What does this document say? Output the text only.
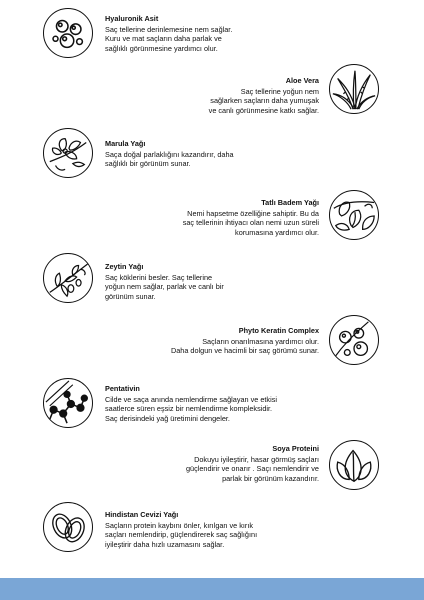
Hyaluronik Asit
Saç tellerine derinlemesine nem sağlar.
Kuru ve mat saçların daha parlak ve
sağlıklı görünmesine yardımcı olur.
Aloe Vera
Saç tellerine yoğun nem
sağlarken saçların daha yumuşak
ve canlı görünmesine katkı sağlar.
Marula Yağı
Saça doğal parlaklığını kazandırır, daha
sağlıklı bir görünüm sunar.
Tatlı Badem Yağı
Nemi hapsetme özelliğine sahiptir. Bu da
saç tellerinin ihtiyacı olan nemi uzun süreli
korumasına yardımcı olur.
Zeytin Yağı
Saç köklerini besler. Saç tellerine
yoğun nem sağlar, parlak ve canlı bir
görünüm sunar.
Phyto Keratin Complex
Saçların onarılmasına yardımcı olur.
Daha dolgun ve hacimli bir saç görümü sunar.
Pentativin
Cilde ve saça anında nemlendirme sağlayan ve etkisi
saatlerce süren eşsiz bir nemlendirme kompleksidir.
Saç derisindeki yağ üretimini dengeler.
Soya Proteini
Dokuyu iyileştirir, hasar görmüş saçları
güçlendirir ve onarır . Saçı nemlendirir ve
parlak bir görünüm kazandırır.
Hindistan Cevizi Yağı
Saçların protein kaybını önler, kırılgan ve kırık
saçları nemlendirip, güçlendirerek saç sağlığını
iyileştirir daha hızlı uzamasını sağlar.
